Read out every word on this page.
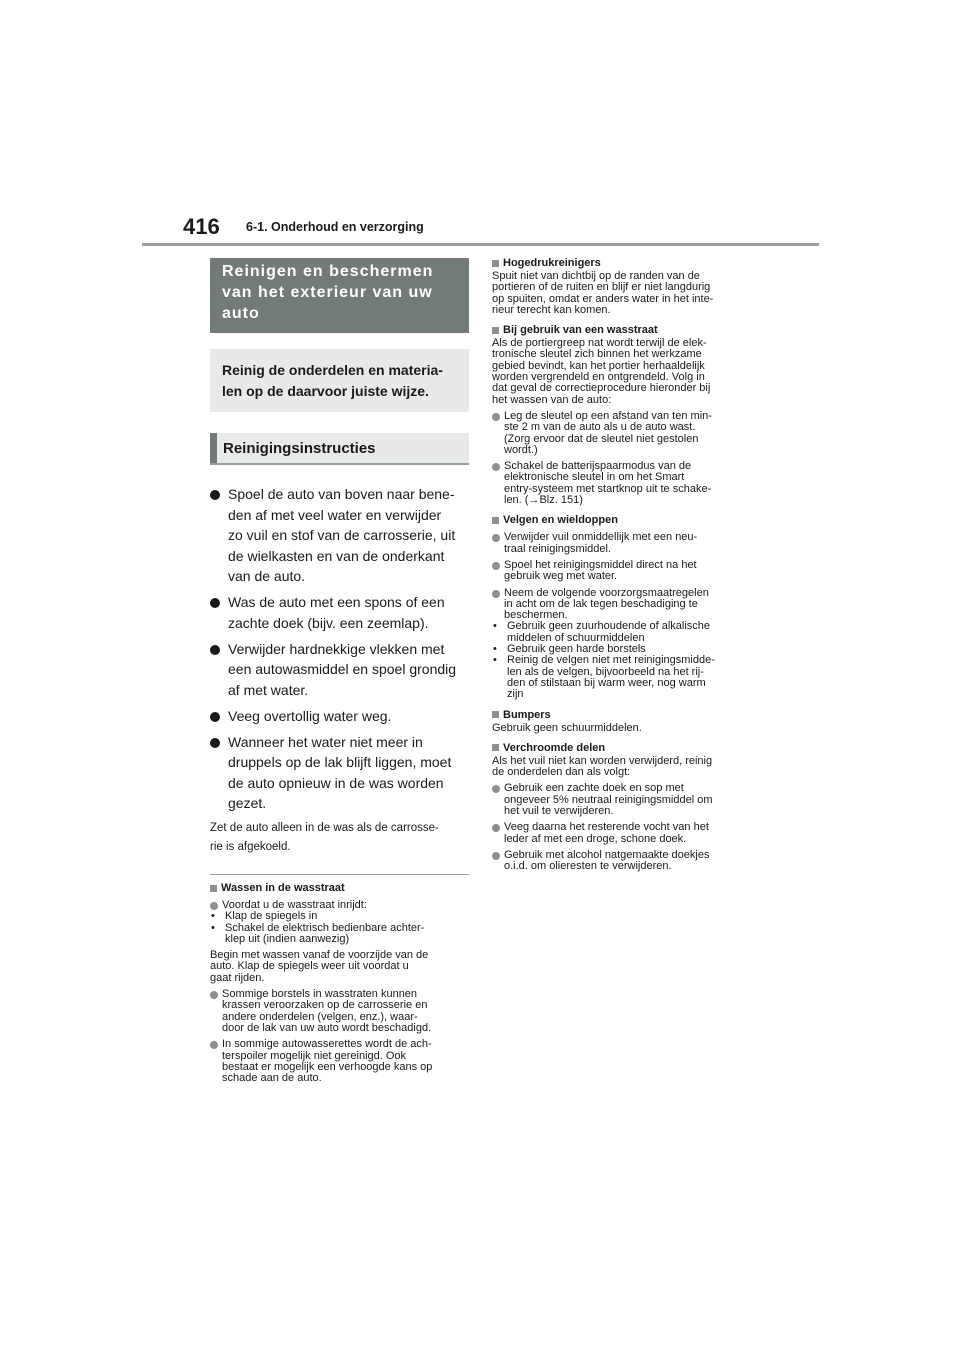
416 6-1. Onderhoud en verzorging
Reinigen en beschermen
van het exterieur van uw
auto
Reinig de onderdelen en materia-
len op de daarvoor juiste wijze.
Reinigingsinstructies
Spoel de auto van boven naar bene-
den af met veel water en verwijder
zo vuil en stof van de carrosserie, uit
de wielkasten en van de onderkant
van de auto.
Was de auto met een spons of een
zachte doek (bijv. een zeemlap).
Verwijder hardnekkige vlekken met
een autowasmiddel en spoel grondig
af met water.
Veeg overtollig water weg.
Wanneer het water niet meer in
druppels op de lak blijft liggen, moet
de auto opnieuw in de was worden
gezet.
Zet de auto alleen in de was als de carrosse-
rie is afgekoeld.
Wassen in de wasstraat
Voordat u de wasstraat inrijdt:
• Klap de spiegels in
• Schakel de elektrisch bedienbare achter-
klep uit (indien aanwezig)
Begin met wassen vanaf de voorzijde van de
auto. Klap de spiegels weer uit voordat u
gaat rijden.
Sommige borstels in wasstraten kunnen
krassen veroorzaken op de carrosserie en
andere onderdelen (velgen, enz.), waar-
door de lak van uw auto wordt beschadigd.
In sommige autowasserettes wordt de ach-
terspoiler mogelijk niet gereinigd. Ook
bestaat er mogelijk een verhoogde kans op
schade aan de auto.
Hogedrukreinigers
Spuit niet van dichtbij op de randen van de
portieren of de ruiten en blijf er niet langdurig
op spuiten, omdat er anders water in het inte-
rieur terecht kan komen.
Bij gebruik van een wasstraat
Als de portiergreep nat wordt terwijl de elek-
tronische sleutel zich binnen het werkzame
gebied bevindt, kan het portier herhaaldelijk
worden vergrendeld en ontgrendeld. Volg in
dat geval de correctieprocedure hieronder bij
het wassen van de auto:
Leg de sleutel op een afstand van ten min-
ste 2 m van de auto als u de auto wast.
(Zorg ervoor dat de sleutel niet gestolen
wordt.)
Schakel de batterijspaarmodus van de
elektronische sleutel in om het Smart
entry-systeem met startknop uit te schake-
len. (→Blz. 151)
Velgen en wieldoppen
Verwijder vuil onmiddellijk met een neu-
traal reinigingsmiddel.
Spoel het reinigingsmiddel direct na het
gebruik weg met water.
Neem de volgende voorzorgsmaatregelen
in acht om de lak tegen beschadiging te
beschermen.
• Gebruik geen zuurhoudende of alkalische
middelen of schuurmiddelen
• Gebruik geen harde borstels
• Reinig de velgen niet met reinigingsmidde-
len als de velgen, bijvoorbeeld na het rij-
den of stilstaan bij warm weer, nog warm
zijn
Bumpers
Gebruik geen schuurmiddelen.
Verchroomde delen
Als het vuil niet kan worden verwijderd, reinig
de onderdelen dan als volgt:
Gebruik een zachte doek en sop met
ongeveer 5% neutraal reinigingsmiddel om
het vuil te verwijderen.
Veeg daarna het resterende vocht van het
leder af met een droge, schone doek.
Gebruik met alcohol natgemaakte doekjes
o.i.d. om olieresten te verwijderen.
